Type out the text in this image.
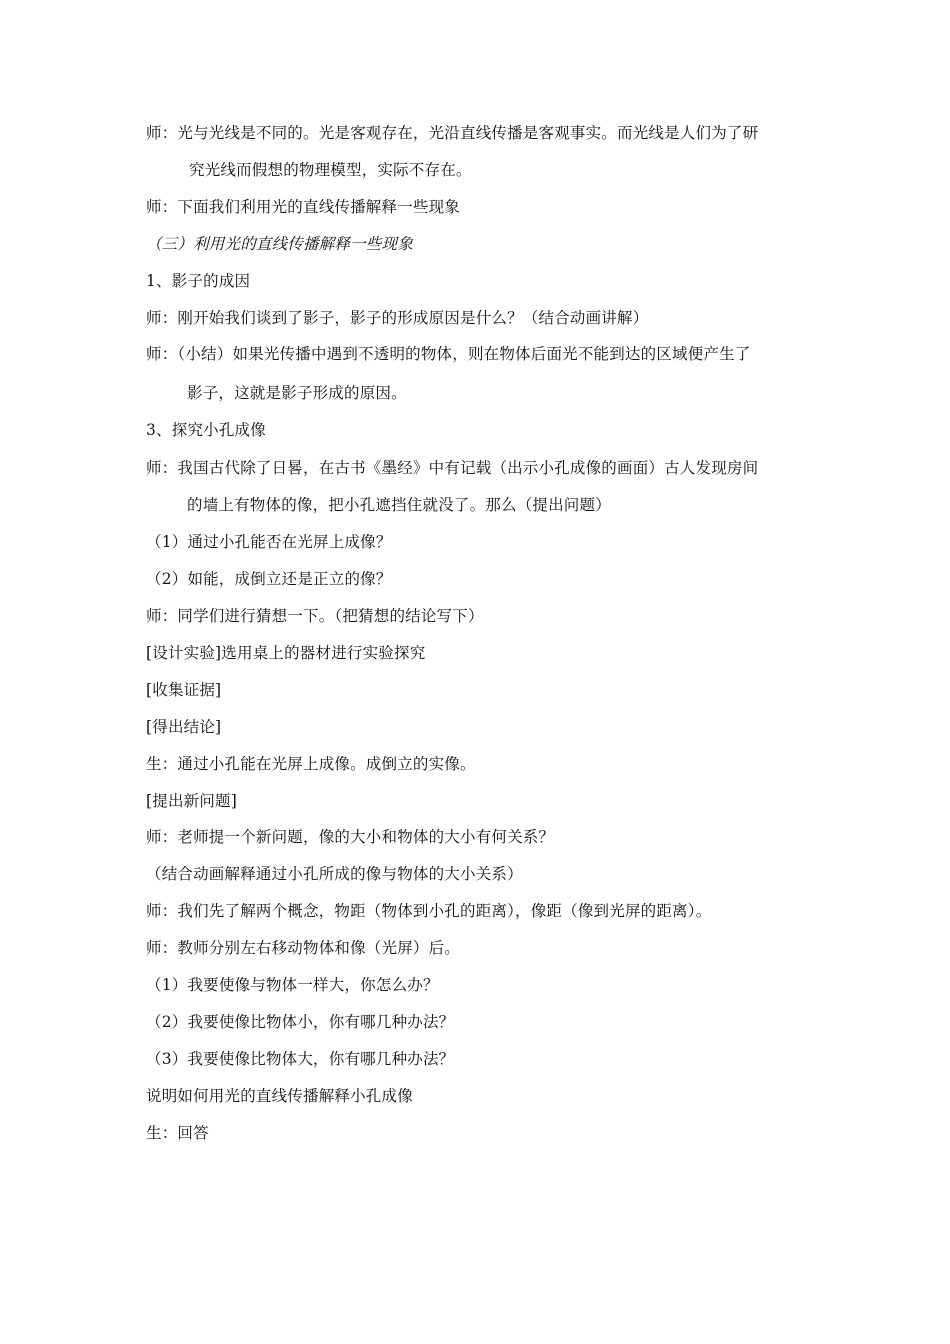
师：光与光线是不同的。光是客观存在，光沿直线传播是客观事实。而光线是人们为了研
究光线而假想的物理模型，实际不存在。
师：下面我们利用光的直线传播解释一些现象
（三）利用光的直线传播解释一些现象
1、影子的成因
师：刚开始我们谈到了影子，影子的形成原因是什么？（结合动画讲解）
师：（小结）如果光传播中遇到不透明的物体，则在物体后面光不能到达的区域便产生了
影子，这就是影子形成的原因。
3、探究小孔成像
师：我国古代除了日晷，在古书《墨经》中有记载（出示小孔成像的画面）古人发现房间
的墙上有物体的像，把小孔遮挡住就没了。那么（提出问题）
（1）通过小孔能否在光屏上成像？
（2）如能，成倒立还是正立的像？
师：同学们进行猜想一下。（把猜想的结论写下）
[设计实验]选用桌上的器材进行实验探究
[收集证据]
[得出结论]
生：通过小孔能在光屏上成像。成倒立的实像。
[提出新问题]
师：老师提一个新问题，像的大小和物体的大小有何关系？
（结合动画解释通过小孔所成的像与物体的大小关系）
师：我们先了解两个概念，物距（物体到小孔的距离），像距（像到光屏的距离）。
师：教师分别左右移动物体和像（光屏）后。
（1）我要使像与物体一样大，你怎么办？
（2）我要使像比物体小，你有哪几种办法？
（3）我要使像比物体大，你有哪几种办法？
说明如何用光的直线传播解释小孔成像
生：回答
